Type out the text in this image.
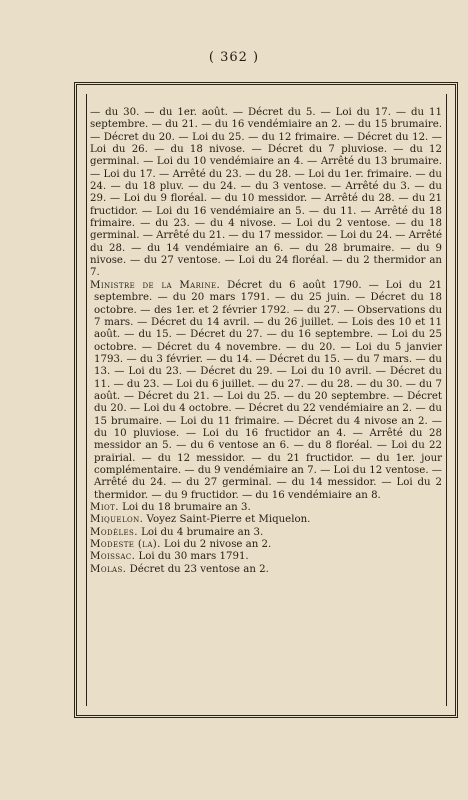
( 362 )

— du 30. — du 1er. août. — Décret du 5. — Loi du 17. — du 11 septembre. — du 21. — du 16 vendémiaire an 2. — du 15 brumaire. — Décret du 20. — Loi du 25. — du 12 frimaire. — Décret du 12. — Loi du 26. — du 18 nivose. — Décret du 7 pluviose. — du 12 germinal. — Loi du 10 vendémiaire an 4. — Arrêté du 13 brumaire. — Loi du 17. — Arrêté du 23. — du 28. — Loi du 1er. frimaire. — du 24. — du 18 pluv. — du 24. — du 3 ventose. — Arrêté du 3. — du 29. — Loi du 9 floréal. — du 10 messidor. — Arrêté du 28. — du 21 fructidor. — Loi du 16 vendémiaire an 5. — du 11. — Arrêté du 18 frimaire. — du 23. — du 4 nivose. — Loi du 2 ventose. — du 18 germinal. — Arrêté du 21. — du 17 messidor. — Loi du 24. — Arrêté du 28. — du 14 vendémiaire an 6. — du 28 brumaire. — du 9 nivose. — du 27 ventose. — Loi du 24 floréal. — du 2 thermidor an 7.

Ministre de la Marine. Décret du 6 août 1790. — Loi du 21 septembre. — du 20 mars 1791. — du 25 juin. — Décret du 18 octobre. — des 1er. et 2 février 1792. — du 27. — Observations du 7 mars. — Décret du 14 avril. — du 26 juillet. — Lois des 10 et 11 août. — du 15. — Décret du 27. — du 16 septembre. — Loi du 25 octobre. — Décret du 4 novembre. — du 20. — Loi du 5 janvier 1793. — du 3 février. — du 14. — Décret du 15. — du 7 mars. — du 13. — Loi du 23. — Décret du 29. — Loi du 10 avril. — Décret du 11. — du 23. — Loi du 6 juillet. — du 27. — du 28. — du 30. — du 7 août. — Décret du 21. — Loi du 25. — du 20 septembre. — Décret du 20. — Loi du 4 octobre. — Décret du 22 vendémiaire an 2. — du 15 brumaire. — Loi du 11 frimaire. — Décret du 4 nivose an 2. — du 10 pluviose. — Loi du 16 fructidor an 4. — Arrêté du 28 messidor an 5. — du 6 ventose an 6. — du 8 floréal. — Loi du 22 prairial. — du 12 messidor. — du 21 fructidor. — du 1er. jour complémentaire. — du 9 vendémiaire an 7. — Loi du 12 ventose. — Arrêté du 24. — du 27 germinal. — du 14 messidor. — Loi du 2 thermidor. — du 9 fructidor. — du 16 vendémiaire an 8.

Miot. Loi du 18 brumaire an 3.

Miquelon. Voyez Saint-Pierre et Miquelon.

Modèles. Loi du 4 brumaire an 3.

Modeste (la). Loi du 2 nivose an 2.

Moissac. Loi du 30 mars 1791.

Molas. Décret du 23 ventose an 2.
